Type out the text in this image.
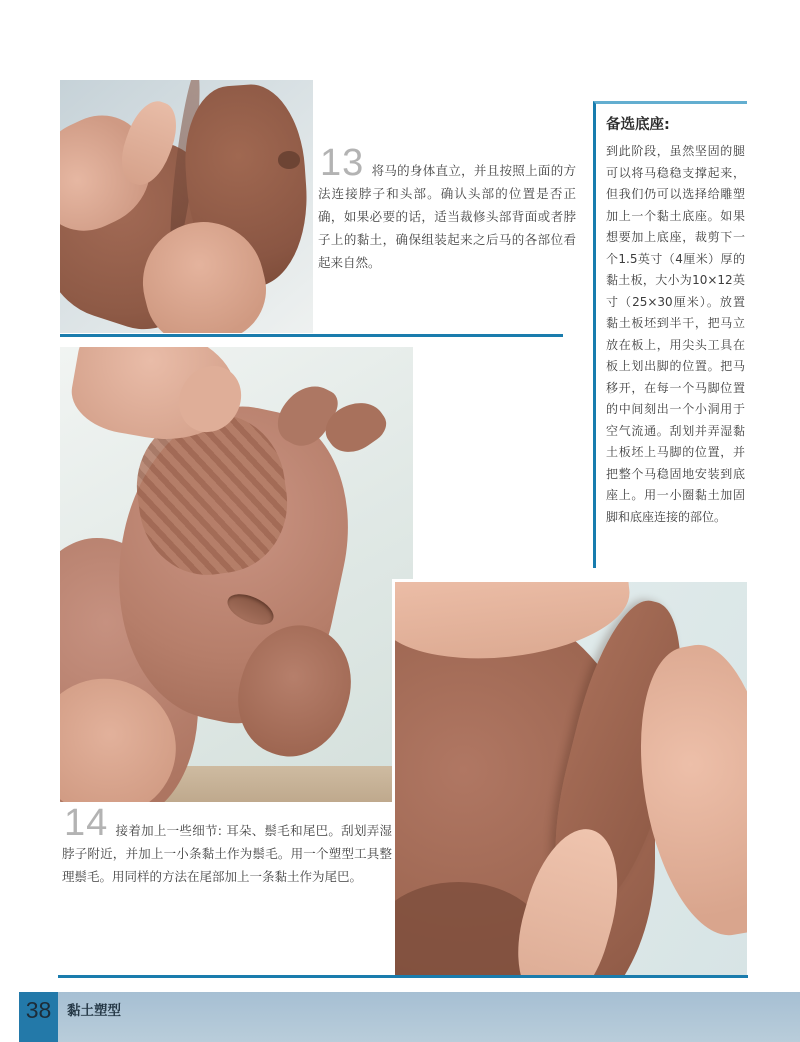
13 将马的身体直立，并且按照上面的方法连接脖子和头部。确认头部的位置是否正确，如果必要的话，适当裁修头部背面或者脖子上的黏土，确保组装起来之后马的各部位看起来自然。

备选底座:

到此阶段，虽然坚固的腿可以将马稳稳支撑起来，但我们仍可以选择给雕塑加上一个黏土底座。如果想要加上底座，裁剪下一个1.5英寸（4厘米）厚的黏土板，大小为10×12英寸（25×30厘米）。放置黏土板坯到半干，把马立放在板上，用尖头工具在板上划出脚的位置。把马移开，在每一个马脚位置的中间刻出一个小洞用于空气流通。刮划并弄湿黏土板坯上马脚的位置，并把整个马稳固地安装到底座上。用一小圈黏土加固脚和底座连接的部位。

14 接着加上一些细节: 耳朵、鬃毛和尾巴。刮划弄湿脖子附近，并加上一小条黏土作为鬃毛。用一个塑型工具整理鬃毛。用同样的方法在尾部加上一条黏土作为尾巴。

38	黏土塑型
